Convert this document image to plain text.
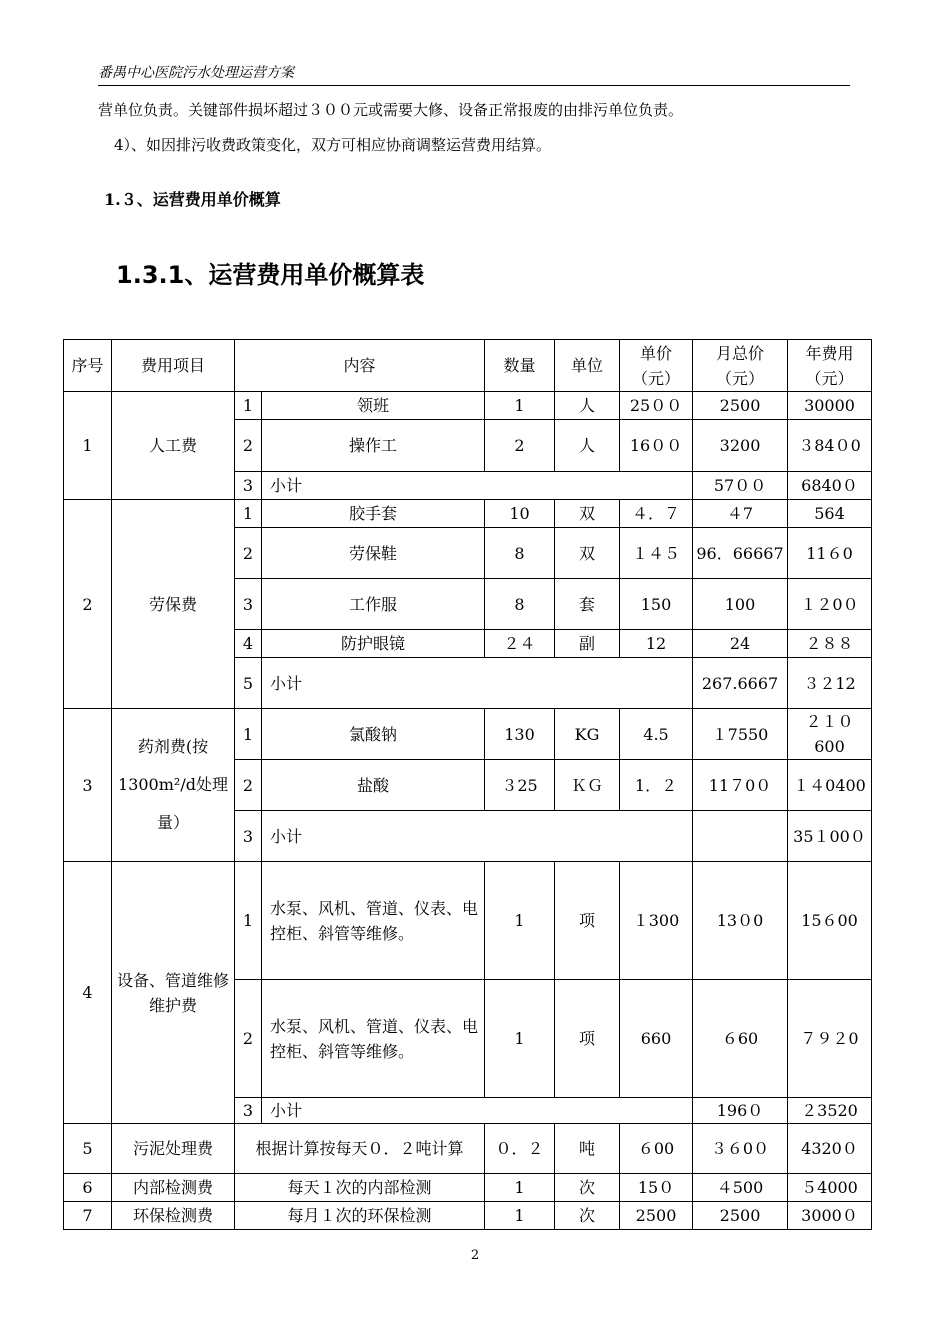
番禺中心医院污水处理运营方案
营单位负责。关键部件损坏超过３００元或需要大修、设备正常报废的由排污单位负责。
4）、如因排污收费政策变化，双方可相应协商调整运营费用结算。
1.３、运营费用单价概算
1.3.1、运营费用单价概算表
序号	费用项目	内容		数量	单位	单价（元）	月总价（元）	年费用（元）
1	人工费	1	领班	1	人	25００	2500	30000
		2	操作工	2	人	16００	3200	３84０0
		3	小计				57００	6840０
2	劳保费	1	胶手套	10	双	４．７	４7	564
		2	劳保鞋	8	双	１４５	96．66667	11６0
		3	工作服	8	套	150	100	１２0０
		4	防护眼镜	２４	副	12	24	２８８
		5	小计				267.6667	３２12
3	药剂费(按1300m²/d处理量）	1	氯酸钠	130	KG	4.5	１7550	２１０600
		2	盐酸	３25	ＫＧ	1．２	11７0０	１４0400
		3	小计					35１00０
4	设备、管道维修维护费	1	水泵、风机、管道、仪表、电控柜、斜管等维修。	1	项	１300	13０0	15６00
		2	水泵、风机、管道、仪表、电控柜、斜管等维修。	1	项	660	６60	７９２0
		3	小计				196０	２3520
5	污泥处理费	根据计算按每天０．２吨计算		０．２	吨	６00	３６0０	4320０
6	内部检测费	每天１次的内部检测		1	次	15０	４500	５4000
7	环保检测费	每月１次的环保检测		1	次	2500	2500	3000０
2
